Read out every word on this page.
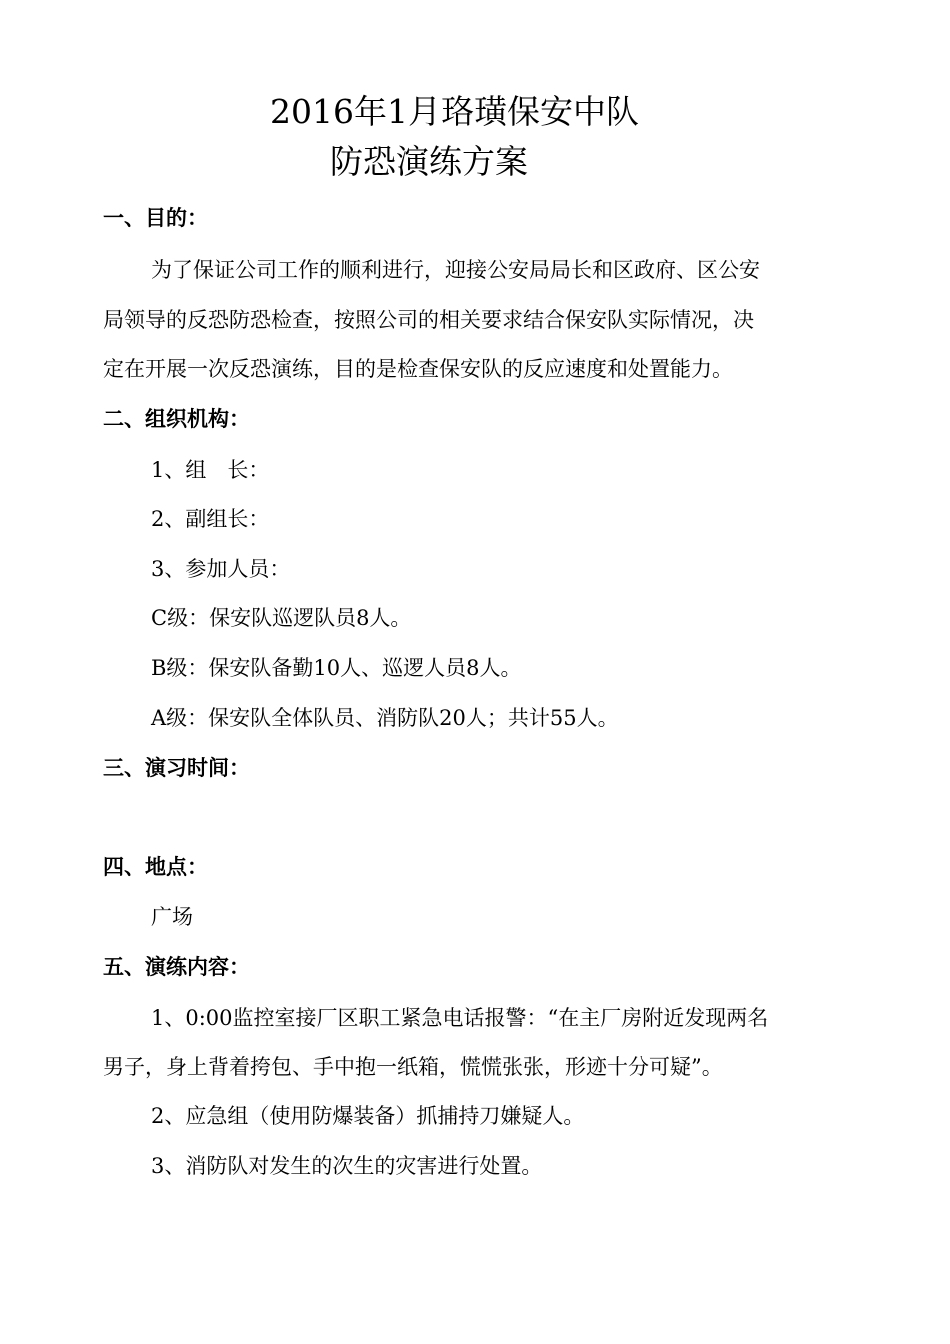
2016年1月珞璜保安中队
防恐演练方案
一、目的：
为了保证公司工作的顺利进行，迎接公安局局长和区政府、区公安
局领导的反恐防恐检查，按照公司的相关要求结合保安队实际情况，决
定在开展一次反恐演练，目的是检查保安队的反应速度和处置能力。
二、组织机构：
1、组　长：
2、副组长：
3、参加人员：
C级：保安队巡逻队员8人。
B级：保安队备勤10人、巡逻人员8人。
A级：保安队全体队员、消防队20人；共计55人。
三、演习时间：
四、地点：
广场
五、演练内容：
1、0:00监控室接厂区职工紧急电话报警：“在主厂房附近发现两名
男子，身上背着挎包、手中抱一纸箱，慌慌张张，形迹十分可疑”。
2、应急组（使用防爆装备）抓捕持刀嫌疑人。
3、消防队对发生的次生的灾害进行处置。
